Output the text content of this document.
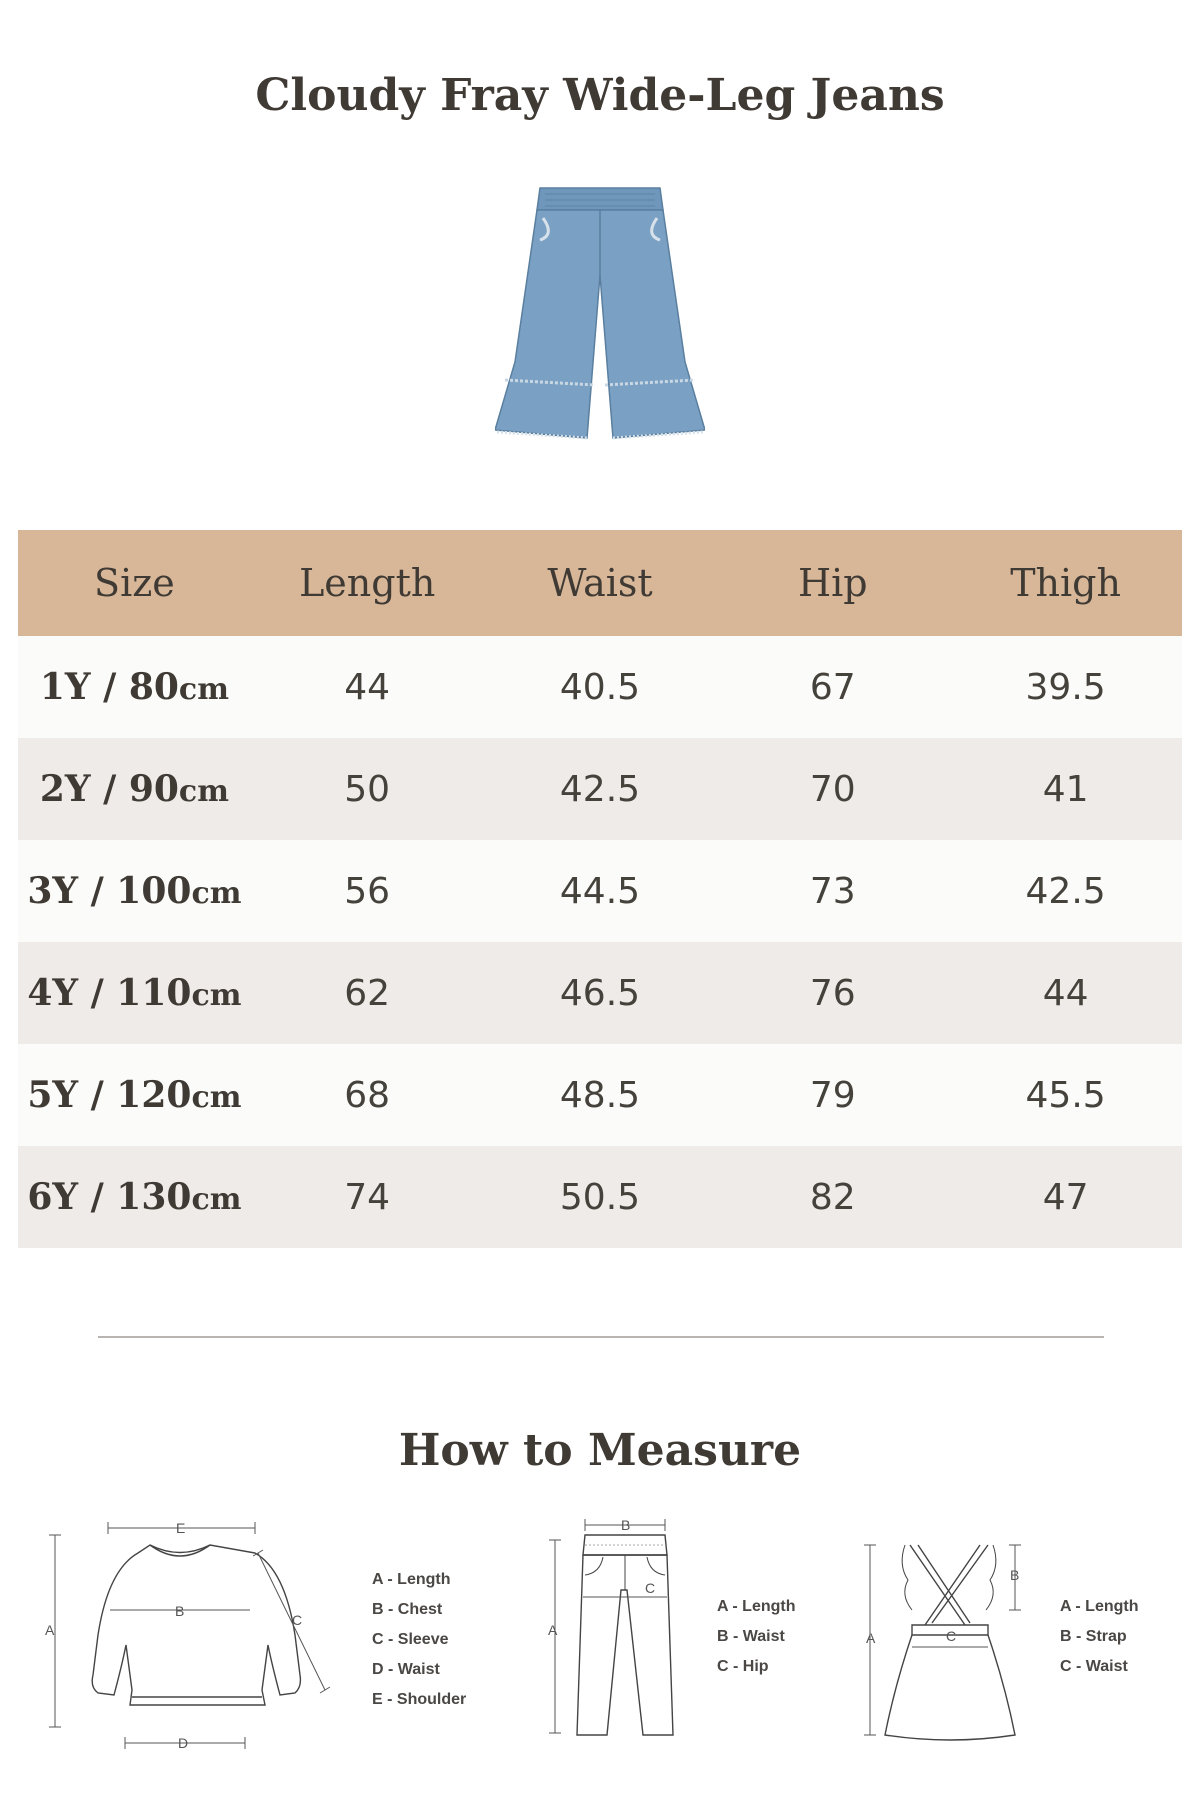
Cloudy Fray Wide-Leg Jeans
Size	Length	Waist	Hip	Thigh
1Y / 80cm	44	40.5	67	39.5
2Y / 90cm	50	42.5	70	41
3Y / 100cm	56	44.5	73	42.5
4Y / 110cm	62	46.5	76	44
5Y / 120cm	68	48.5	79	45.5
6Y / 130cm	74	50.5	82	47
How to Measure
A
B
C
D
E
A - Length
B - Chest
C - Sleeve
D - Waist
E - Shoulder
A
B
C
A - Length
B - Waist
C - Hip
A
B
C
A - Length
B - Strap
C - Waist
